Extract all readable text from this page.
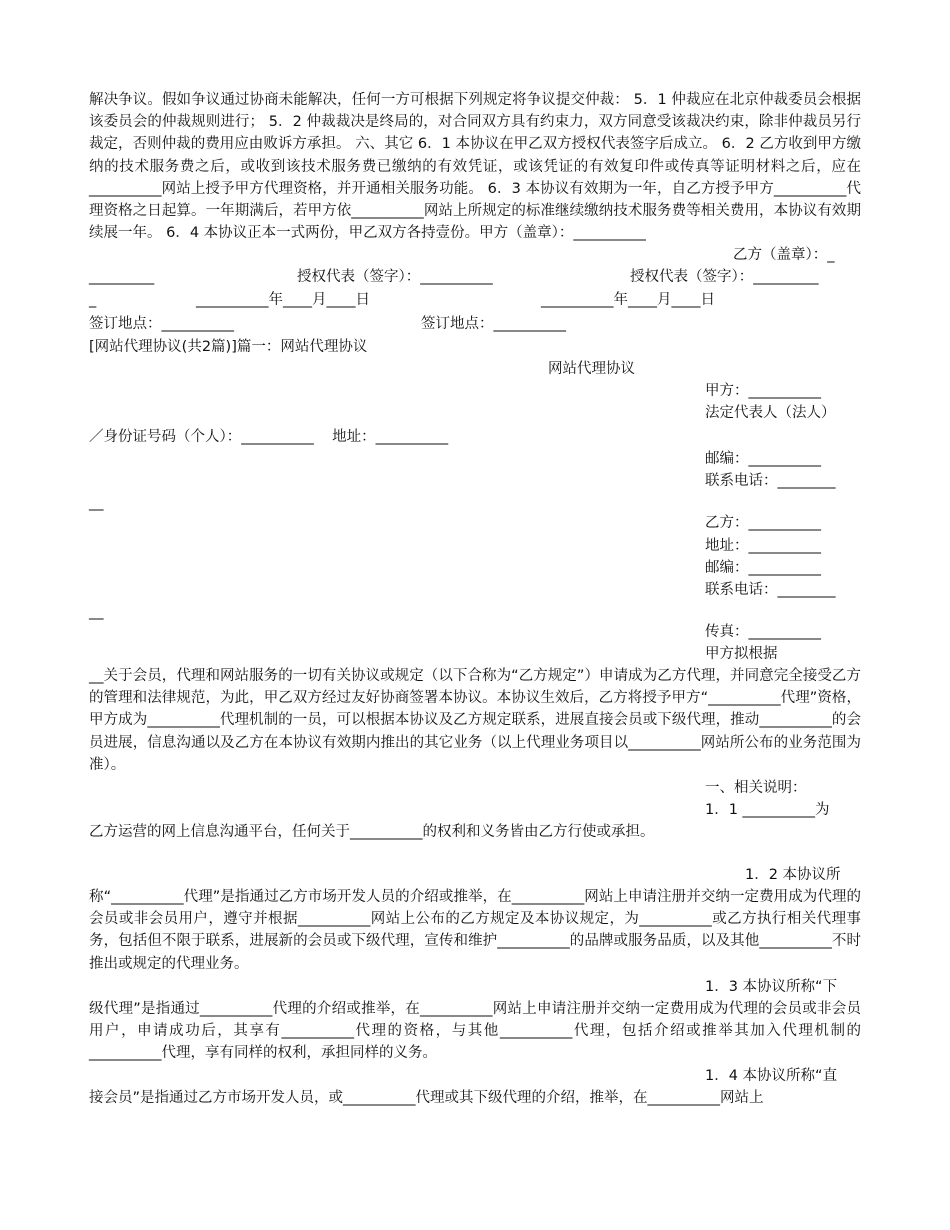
解决争议。假如争议通过协商未能解决，任何一方可根据下列规定将争议提交仲裁： 5．1 仲裁应在北京仲裁委员会根据该委员会的仲裁规则进行； 5．2 仲裁裁决是终局的，对合同双方具有约束力，双方同意受该裁决约束，除非仲裁员另行裁定，否则仲裁的费用应由败诉方承担。 六、其它 6．1 本协议在甲乙双方授权代表签字后成立。 6．2 乙方收到甲方缴纳的技术服务费之后，或收到该技术服务费已缴纳的有效凭证，或该凭证的有效复印件或传真等证明材料之后，应在__________网站上授予甲方代理资格，并开通相关服务功能。 6．3 本协议有效期为一年，自乙方授予甲方__________代理资格之日起算。一年期满后，若甲方依__________网站上所规定的标准继续缴纳技术服务费等相关费用，本协议有效期续展一年。 6．4 本协议正本一式两份，甲乙双方各持壹份。甲方（盖章）：__________

乙方（盖章）：_

_________	授权代表（签字）：__________	授权代表（签字）：_________

_	__________年____月____日	__________年____月____日

签订地点：__________	签订地点：__________

[网站代理协议(共2篇)]篇一：网站代理协议

网站代理协议

甲方：__________

法定代表人（法人）

／身份证号码（个人）：__________    地址：__________

邮编：__________

联系电话：________

__

乙方：__________

地址：__________

邮编：__________

联系电话：________

__

传真：__________

甲方拟根据

__关于会员，代理和网站服务的一切有关协议或规定（以下合称为“乙方规定”）申请成为乙方代理，并同意完全接受乙方的管理和法律规范，为此，甲乙双方经过友好协商签署本协议。本协议生效后，乙方将授予甲方“__________代理”资格，甲方成为__________代理机制的一员，可以根据本协议及乙方规定联系，进展直接会员或下级代理，推动__________的会员进展，信息沟通以及乙方在本协议有效期内推出的其它业务（以上代理业务项目以__________网站所公布的业务范围为准）。

一、相关说明：

1．1 __________为

乙方运营的网上信息沟通平台，任何关于__________的权利和义务皆由乙方行使或承担。

1．2 本协议所

称“__________代理”是指通过乙方市场开发人员的介绍或推举，在__________网站上申请注册并交纳一定费用成为代理的会员或非会员用户，遵守并根据__________网站上公布的乙方规定及本协议规定，为__________或乙方执行相关代理事务，包括但不限于联系，进展新的会员或下级代理，宣传和维护__________的品牌或服务品质，以及其他__________不时推出或规定的代理业务。

1．3 本协议所称“下

级代理”是指通过__________代理的介绍或推举，在__________网站上申请注册并交纳一定费用成为代理的会员或非会员用户，申请成功后，其享有__________代理的资格，与其他__________代理，包括介绍或推举其加入代理机制的__________代理，享有同样的权利，承担同样的义务。

1．4 本协议所称“直

接会员”是指通过乙方市场开发人员，或__________代理或其下级代理的介绍，推举，在__________网站上
